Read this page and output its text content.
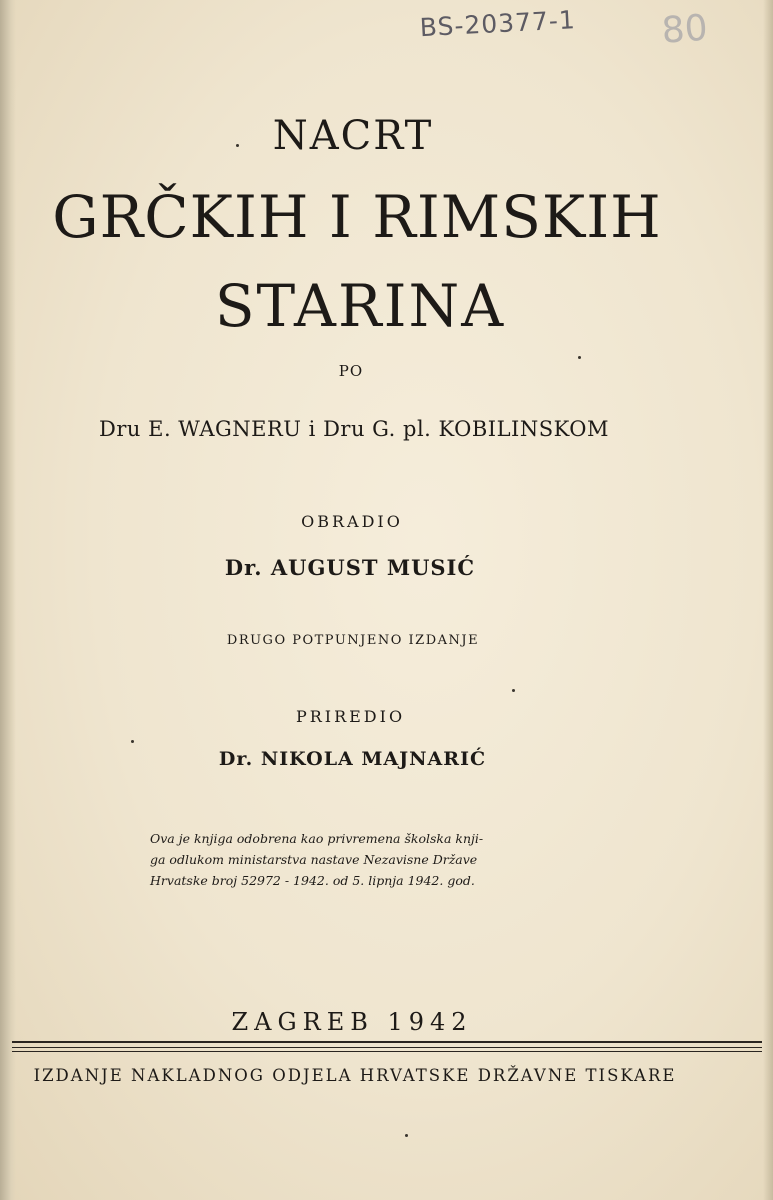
BS-20377-1	80
NACRT
GRČKIH I RIMSKIH
STARINA
PO
Dru E. WAGNERU i Dru G. pl. KOBILINSKOM
OBRADIO
Dr. AUGUST MUSIĆ
DRUGO POTPUNJENO IZDANJE
PRIREDIO
Dr. NIKOLA MAJNARIĆ
Ova je knjiga odobrena kao privremena školska knji-
ga odlukom ministarstva nastave Nezavisne Države
Hrvatske broj 52972 - 1942. od 5. lipnja 1942. god.
ZAGREB 1942
IZDANJE NAKLADNOG ODJELA HRVATSKE DRŽAVNE TISKARE
